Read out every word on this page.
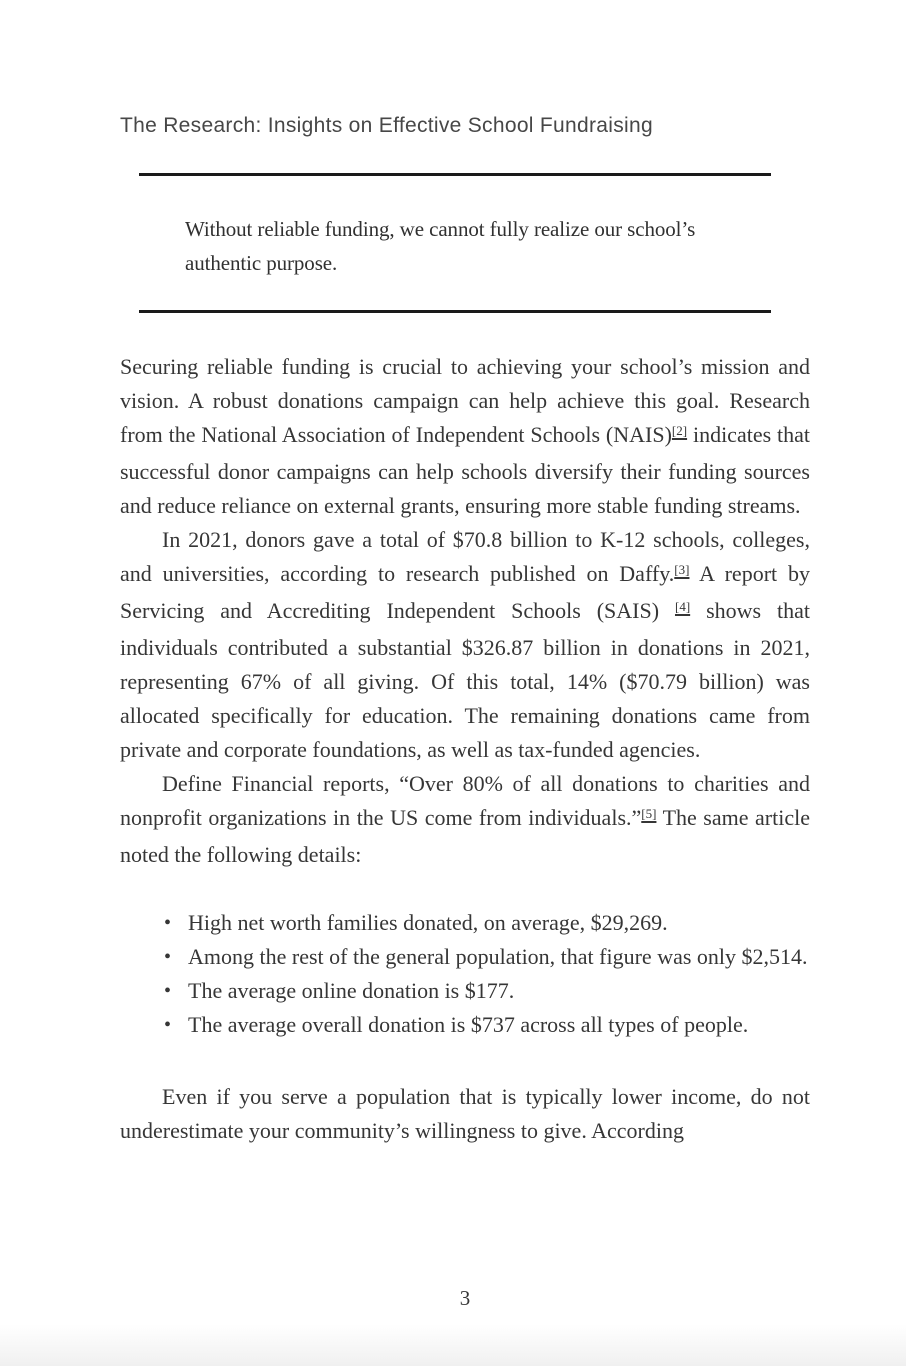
The Research: Insights on Effective School Fundraising

Without reliable funding, we cannot fully realize our school’s authentic purpose.

Securing reliable funding is crucial to achieving your school’s mission and vision. A robust donations campaign can help achieve this goal. Research from the National Association of Independent Schools (NAIS)[2] indicates that successful donor campaigns can help schools diversify their funding sources and reduce reliance on external grants, ensuring more stable funding streams.

In 2021, donors gave a total of $70.8 billion to K-12 schools, colleges, and universities, according to research published on Daffy.[3] A report by Servicing and Accrediting Independent Schools (SAIS) [4] shows that individuals contributed a substantial $326.87 billion in donations in 2021, representing 67% of all giving. Of this total, 14% ($70.79 billion) was allocated specifically for education. The remaining donations came from private and corporate foundations, as well as tax-funded agencies.

Define Financial reports, “Over 80% of all donations to charities and nonprofit organizations in the US come from individuals.”[5] The same article noted the following details:

• High net worth families donated, on average, $29,269.
• Among the rest of the general population, that figure was only $2,514.
• The average online donation is $177.
• The average overall donation is $737 across all types of people.

Even if you serve a population that is typically lower income, do not underestimate your community’s willingness to give. According

3
